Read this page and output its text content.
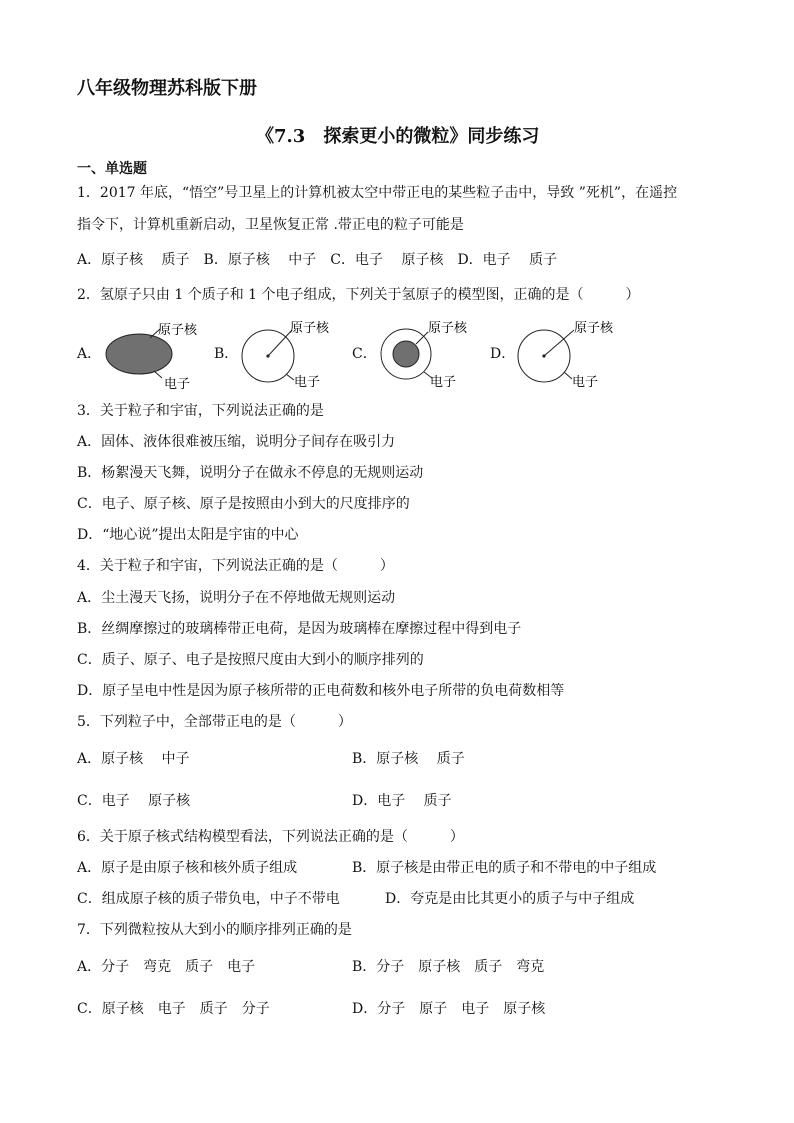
八年级物理苏科版下册
《7.3　探索更小的微粒》同步练习
一、单选题
1．2017 年底，“悟空”号卫星上的计算机被太空中带正电的某些粒子击中，导致 ”死机”，在遥控
指令下，计算机重新启动，卫星恢复正常 .带正电的粒子可能是
A．原子核　 质子　B．原子核　 中子　C．电子　 原子核　D．电子　 质子
2．氢原子只由 1 个质子和 1 个电子组成，下列关于氢原子的模型图，正确的是（　　　）
A．
原子核
电子
B．
原子核
电子
C．
原子核
电子
D．
原子核
电子
3．关于粒子和宇宙，下列说法正确的是
A．固体、液体很难被压缩，说明分子间存在吸引力
B．杨絮漫天飞舞，说明分子在做永不停息的无规则运动
C．电子、原子核、原子是按照由小到大的尺度排序的
D．“地心说”提出太阳是宇宙的中心
4．关于粒子和宇宙，下列说法正确的是（　　　）
A．尘土漫天飞扬，说明分子在不停地做无规则运动
B．丝绸摩擦过的玻璃棒带正电荷，是因为玻璃棒在摩擦过程中得到电子
C．质子、原子、电子是按照尺度由大到小的顺序排列的
D．原子呈电中性是因为原子核所带的正电荷数和核外电子所带的负电荷数相等
5．下列粒子中，全部带正电的是（　　　）
A．原子核　 中子	B．原子核　 质子
C．电子　 原子核	D．电子　 质子
6．关于原子核式结构模型看法，下列说法正确的是（　　　）
A．原子是由原子核和核外质子组成	B．原子核是由带正电的质子和不带电的中子组成
C．组成原子核的质子带负电，中子不带电	D．夸克是由比其更小的质子与中子组成
7．下列微粒按从大到小的顺序排列正确的是
A．分子　弯克　质子　电子	B．分子　原子核　质子　弯克
C．原子核　电子　质子　分子	D．分子　原子　电子　原子核
